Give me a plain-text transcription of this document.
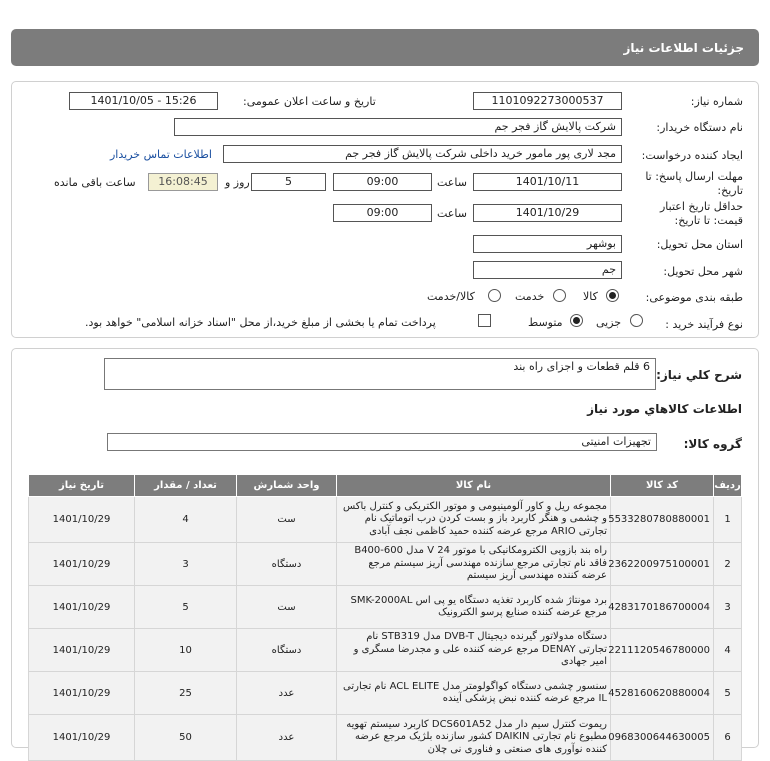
جزئیات اطلاعات نیاز
شماره نیاز:
1101092273000537
تاریخ و ساعت اعلان عمومی:
1401/10/05 - 15:26
نام دستگاه خریدار:
شرکت پالایش گاز فجر جم
ایجاد کننده درخواست:
مجد لاری پور مامور خرید داخلی شرکت پالایش گاز فجر جم
اطلاعات تماس خریدار
مهلت ارسال پاسخ: تا
تاریخ:
1401/10/11
ساعت
09:00
5
روز و
16:08:45
ساعت باقی مانده
حداقل تاریخ اعتبار
قیمت: تا تاریخ:
1401/10/29
ساعت
09:00
استان محل تحویل:
بوشهر
شهر محل تحویل:
جم
طبقه بندی موضوعی:
کالا
خدمت
کالا/خدمت
نوع فرآیند خرید :
جزیی
متوسط
پرداخت تمام یا بخشی از مبلغ خرید،از محل "اسناد خزانه اسلامی" خواهد بود.
شرح کلي نياز:
6 قلم قطعات و اجزای راه بند
اطلاعات کالاهاي مورد نياز
گروه کالا:
تجهیزات امنیتی
ردیف	کد کالا	نام کالا	واحد شمارش	تعداد / مقدار	تاریخ نیاز
1	5533280780880001	مجموعه ریل و کاور آلومینیومی و موتور الکتریکی و کنترل باکس و چشمی و هنگر کاربرد باز و بست کردن درب اتوماتیک نام تجارتی ARIO مرجع عرضه کننده حمید کاظمی نجف آبادی	ست	4	1401/10/29
2	2362200975100001	راه بند بازویی الکترومکانیکی با موتور 24 V مدل B400-600 فاقد نام تجارتی مرجع سازنده مهندسی آریز سیستم مرجع عرضه کننده مهندسی آریز سیستم	دستگاه	3	1401/10/29
3	4283170186700004	برد مونتاژ شده کاربرد تغذیه دستگاه یو پی اس SMK-2000AL مرجع عرضه کننده صنایع پرسو الکترونیک	ست	5	1401/10/29
4	2211120546780000	دستگاه مدولاتور گیرنده دیجیتال DVB-T مدل STB319 نام تجارتی DENAY مرجع عرضه کننده علی و مجدرضا مسگری و امیر جهادی	دستگاه	10	1401/10/29
5	4528160620880004	سنسور چشمی دستگاه کواگولومتر مدل ACL ELITE نام تجارتی IL مرجع عرضه کننده نبض پزشکی آینده	عدد	25	1401/10/29
6	0968300644630005	ریموت کنترل سیم دار مدل DCS601A52 کاربرد سیستم تهویه مطبوع نام تجارتی DAIKIN کشور سازنده بلژیک مرجع عرضه کننده نوآوری های صنعتی و فناوری نی چلان	عدد	50	1401/10/29
